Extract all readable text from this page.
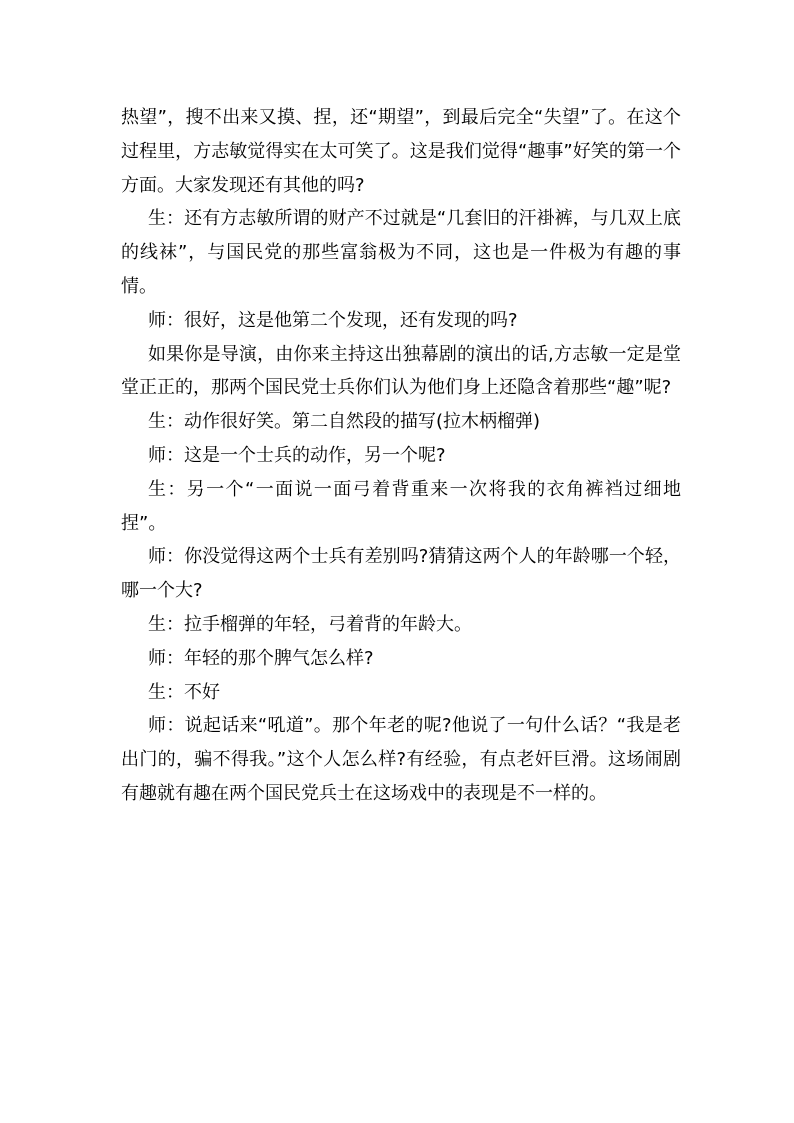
热望”，搜不出来又摸、捏，还“期望”，到最后完全“失望”了。在这个过程里，方志敏觉得实在太可笑了。这是我们觉得“趣事”好笑的第一个方面。大家发现还有其他的吗?

生：还有方志敏所谓的财产不过就是“几套旧的汗褂裤，与几双上底的线袜”，与国民党的那些富翁极为不同，这也是一件极为有趣的事情。

师：很好，这是他第二个发现，还有发现的吗?

如果你是导演，由你来主持这出独幕剧的演出的话,方志敏一定是堂堂正正的，那两个国民党士兵你们认为他们身上还隐含着那些“趣”呢?

生：动作很好笑。第二自然段的描写(拉木柄榴弹)

师：这是一个士兵的动作，另一个呢?

生：另一个“一面说一面弓着背重来一次将我的衣角裤裆过细地捏”。

师：你没觉得这两个士兵有差别吗?猜猜这两个人的年龄哪一个轻，哪一个大?

生：拉手榴弹的年轻，弓着背的年龄大。

师：年轻的那个脾气怎么样?

生：不好

师：说起话来“吼道”。那个年老的呢?他说了一句什么话？“我是老出门的，骗不得我。”这个人怎么样?有经验，有点老奸巨滑。这场闹剧有趣就有趣在两个国民党兵士在这场戏中的表现是不一样的。
